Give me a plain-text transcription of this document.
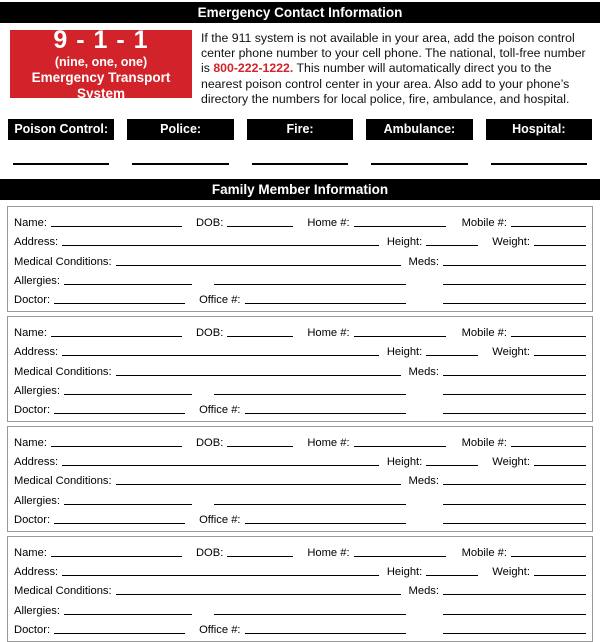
Emergency Contact Information
9 - 1 - 1
(nine, one, one)
Emergency Transport System

If the 911 system is not available in your area, add the poison control center phone number to your cell phone. The national, toll-free number is 800-222-1222. This number will automatically direct you to the nearest poison control center in your area. Also add to your phone’s directory the numbers for local police, fire, ambulance, and hospital.

Poison Control:	Police:	Fire:	Ambulance:	Hospital:
Family Member Information
Name:	DOB:	Home #:	Mobile #:
Address:	Height:	Weight:
Medical Conditions:	Meds:
Allergies:
Doctor:	Office #:
Name:	DOB:	Home #:	Mobile #:
Address:	Height:	Weight:
Medical Conditions:	Meds:
Allergies:
Doctor:	Office #:
Name:	DOB:	Home #:	Mobile #:
Address:	Height:	Weight:
Medical Conditions:	Meds:
Allergies:
Doctor:	Office #:
Name:	DOB:	Home #:	Mobile #:
Address:	Height:	Weight:
Medical Conditions:	Meds:
Allergies:
Doctor:	Office #:
